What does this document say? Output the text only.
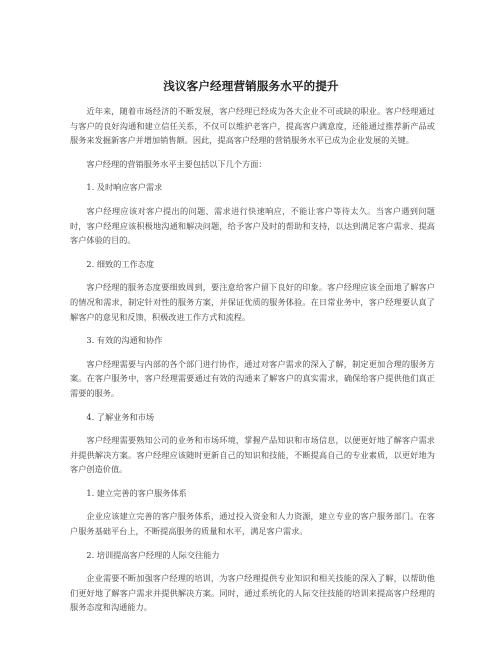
浅议客户经理营销服务水平的提升

近年来，随着市场经济的不断发展，客户经理已经成为各大企业不可或缺的职业。客户经理通过与客户的良好沟通和建立信任关系，不仅可以维护老客户，提高客户满意度，还能通过推荐新产品或服务来发掘新客户并增加销售额。因此，提高客户经理的营销服务水平已成为企业发展的关键。

客户经理的营销服务水平主要包括以下几个方面：

1. 及时响应客户需求

客户经理应该对客户提出的问题、需求进行快速响应，不能让客户等待太久。当客户遇到问题时，客户经理应该积极地沟通和解决问题，给予客户及时的帮助和支持，以达到满足客户需求、提高客户体验的目的。

2. 细致的工作态度

客户经理的服务态度要细致周到，要注意给客户留下良好的印象。客户经理应该全面地了解客户的情况和需求，制定针对性的服务方案，并保证优质的服务体验。在日常业务中，客户经理要认真了解客户的意见和反馈，积极改进工作方式和流程。

3. 有效的沟通和协作

客户经理需要与内部的各个部门进行协作，通过对客户需求的深入了解，制定更加合理的服务方案。在客户服务中，客户经理需要通过有效的沟通来了解客户的真实需求，确保给客户提供他们真正需要的服务。

4. 了解业务和市场

客户经理需要熟知公司的业务和市场环境，掌握产品知识和市场信息，以便更好地了解客户需求并提供解决方案。客户经理应该随时更新自己的知识和技能，不断提高自己的专业素质，以更好地为客户创造价值。

1. 建立完善的客户服务体系

企业应该建立完善的客户服务体系，通过投入资金和人力资源，建立专业的客户服务部门。在客户服务基础平台上，不断提高服务的质量和水平，满足客户需求。

2. 培训提高客户经理的人际交往能力

企业需要不断加强客户经理的培训，为客户经理提供专业知识和相关技能的深入了解，以帮助他们更好地了解客户需求并提供解决方案。同时，通过系统化的人际交往技能的培训来提高客户经理的服务态度和沟通能力。
